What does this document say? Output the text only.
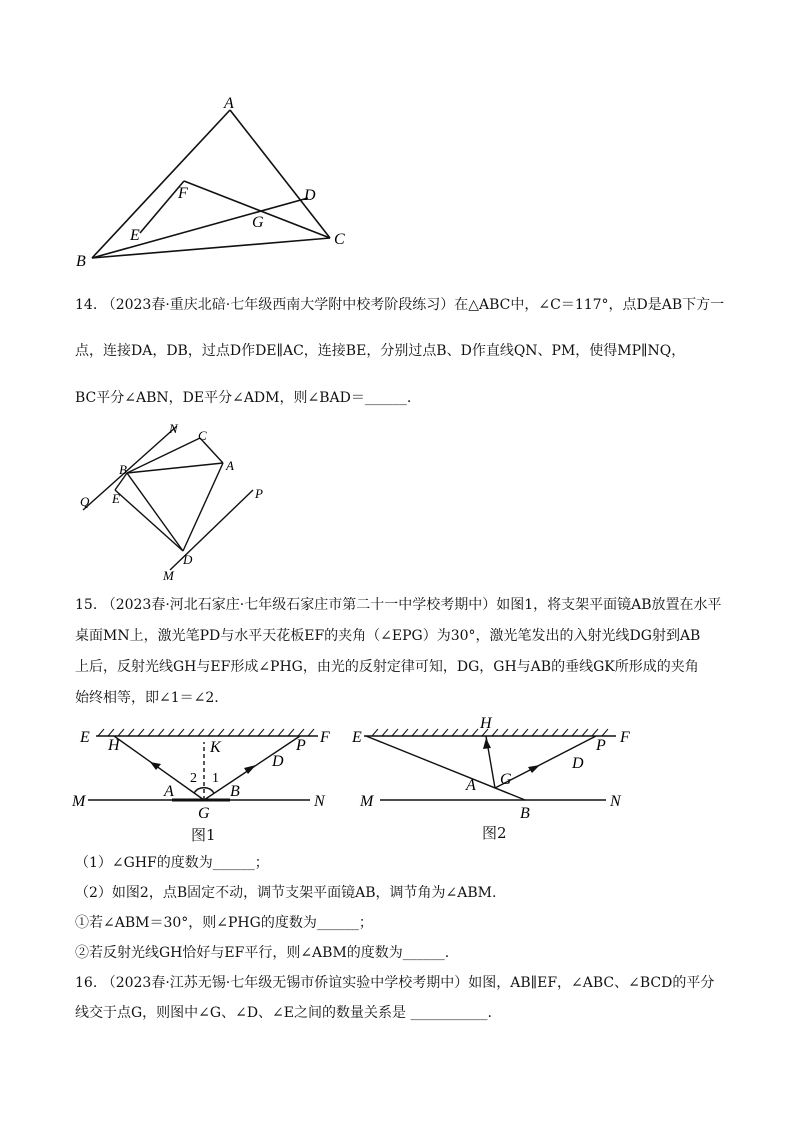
A
B
C
D
E
F
G
14. （2023春·重庆北碚·七年级西南大学附中校考阶段练习）在△ABC中，∠C＝117°，点D是AB下方一
点，连接DA，DB，过点D作DE∥AC，连接BE，分别过点B、D作直线QN、PM，使得MP∥NQ，
BC平分∠ABN，DE平分∠ADM，则∠BAD＝______.
N C
B	A
Q E	P
D
M
15. （2023春·河北石家庄·七年级石家庄市第二十一中学校考期中）如图1，将支架平面镜AB放置在水平
桌面MN上，激光笔PD与水平天花板EF的夹角（∠EPG）为30°，激光笔发出的入射光线DG射到AB
上后，反射光线GH与EF形成∠PHG，由光的反射定律可知，DG，GH与AB的垂线GK所形成的夹角
始终相等，即∠1＝∠2.
E H	K	P F
D
2 1
M
A
G
B
N
图1
E
H
P F
A G
D
M
B
N
图2
（1）∠GHF的度数为______；
（2）如图2，点B固定不动，调节支架平面镜AB，调节角为∠ABM.
①若∠ABM＝30°，则∠PHG的度数为______；
②若反射光线GH恰好与EF平行，则∠ABM的度数为______.
16. （2023春·江苏无锡·七年级无锡市侨谊实验中学校考期中）如图，AB∥EF，∠ABC、∠BCD的平分
线交于点G，则图中∠G、∠D、∠E之间的数量关系是 ___________.
